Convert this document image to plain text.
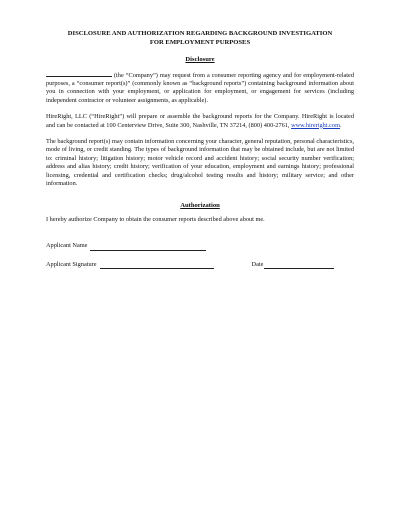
DISCLOSURE AND AUTHORIZATION REGARDING BACKGROUND INVESTIGATION
FOR EMPLOYMENT PURPOSES
Disclosure

(the “Company”) may request from a consumer reporting agency and for employment-related purposes, a “consumer report(s)” (commonly known as “background reports”) containing background information about you in connection with your employment, or application for employment, or engagement for services (including independent contractor or volunteer assignments, as applicable).

HireRight, LLC (“HireRight”) will prepare or assemble the background reports for the Company. HireRight is located and can be contacted at 100 Centerview Drive, Suite 300, Nashville, TN 37214, (800) 400-2761, www.hireright.com.

The background report(s) may contain information concerning your character, general reputation, personal characteristics, mode of living, or credit standing. The types of background information that may be obtained include, but are not limited to: criminal history; litigation history; motor vehicle record and accident history; social security number verification; address and alias history; credit history; verification of your education, employment and earnings history; professional licensing, credential and certification checks; drug/alcohol testing results and history; military service; and other information.

Authorization

I hereby authorize Company to obtain the consumer reports described above about me.

Applicant Name
Applicant Signature	Date
